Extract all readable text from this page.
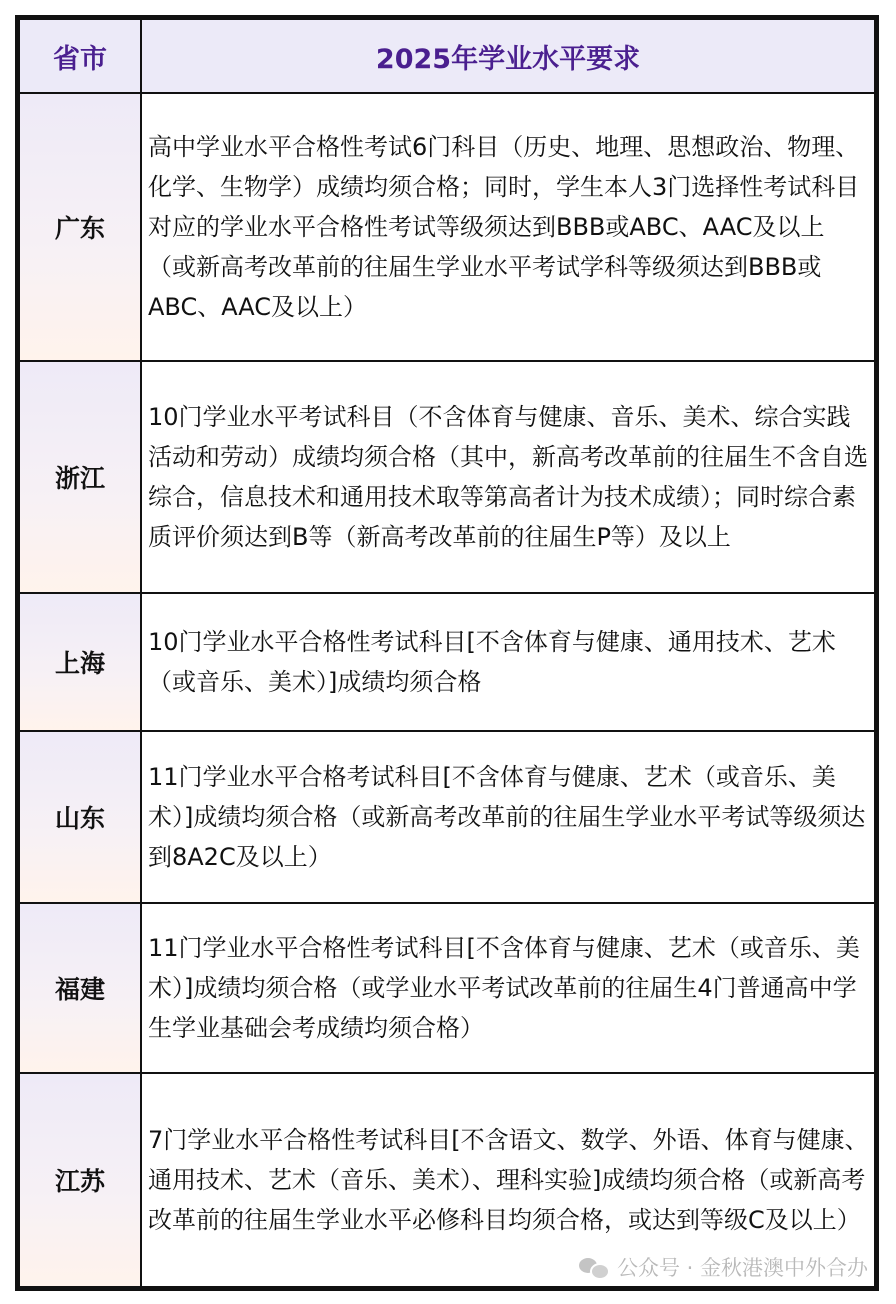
省市	2025年学业水平要求
广东	高中学业水平合格性考试6门科目（历史、地理、思想政治、物理、化学、生物学）成绩均须合格；同时，学生本人3门选择性考试科目对应的学业水平合格性考试等级须达到BBB或ABC、AAC及以上（或新高考改革前的往届生学业水平考试学科等级须达到BBB或ABC、AAC及以上）
浙江	10门学业水平考试科目（不含体育与健康、音乐、美术、综合实践活动和劳动）成绩均须合格（其中，新高考改革前的往届生不含自选综合，信息技术和通用技术取等第高者计为技术成绩）；同时综合素质评价须达到B等（新高考改革前的往届生P等）及以上
上海	10门学业水平合格性考试科目[不含体育与健康、通用技术、艺术（或音乐、美术）]成绩均须合格
山东	11门学业水平合格考试科目[不含体育与健康、艺术（或音乐、美术）]成绩均须合格（或新高考改革前的往届生学业水平考试等级须达到8A2C及以上）
福建	11门学业水平合格性考试科目[不含体育与健康、艺术（或音乐、美术）]成绩均须合格（或学业水平考试改革前的往届生4门普通高中学生学业基础会考成绩均须合格）
江苏	7门学业水平合格性考试科目[不含语文、数学、外语、体育与健康、通用技术、艺术（音乐、美术）、理科实验]成绩均须合格（或新高考改革前的往届生学业水平必修科目均须合格，或达到等级C及以上）
公众号 · 金秋港澳中外合办
